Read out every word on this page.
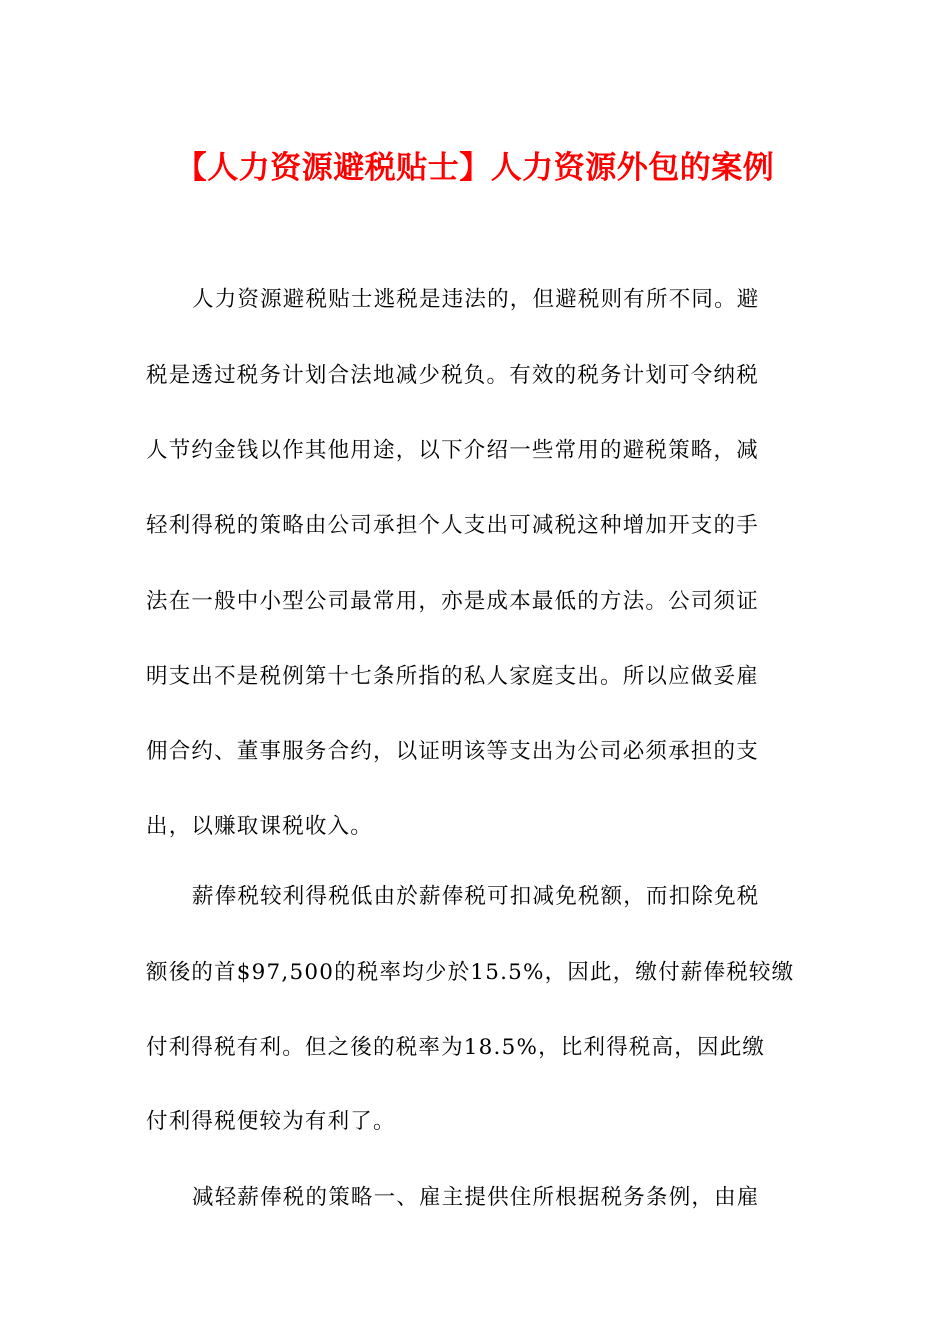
【人力资源避税贴士】人力资源外包的案例
人力资源避税贴士逃税是违法的，但避税则有所不同。避
税是透过税务计划合法地减少税负。有效的税务计划可令纳税
人节约金钱以作其他用途，以下介绍一些常用的避税策略，减
轻利得税的策略由公司承担个人支出可减税这种增加开支的手
法在一般中小型公司最常用，亦是成本最低的方法。公司须证
明支出不是税例第十七条所指的私人家庭支出。所以应做妥雇
佣合约、董事服务合约，以证明该等支出为公司必须承担的支
出，以赚取课税收入。
薪俸税较利得税低由於薪俸税可扣减免税额，而扣除免税
额後的首$97,500的税率均少於15.5%，因此，缴付薪俸税较缴
付利得税有利。但之後的税率为18.5%，比利得税高，因此缴
付利得税便较为有利了。
减轻薪俸税的策略一、雇主提供住所根据税务条例，由雇
